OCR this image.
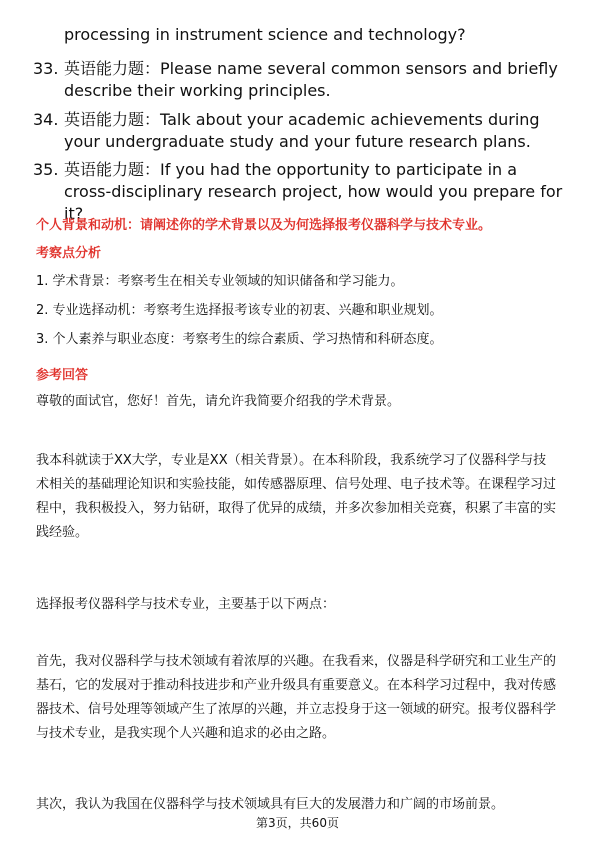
processing in instrument science and technology?
33. 英语能力题：Please name several common sensors and briefly describe their working principles.
34. 英语能力题：Talk about your academic achievements during your undergraduate study and your future research plans.
35. 英语能力题：If you had the opportunity to participate in a cross-disciplinary research project, how would you prepare for it?
个人背景和动机：请阐述你的学术背景以及为何选择报考仪器科学与技术专业。
考察点分析
1. 学术背景：考察考生在相关专业领域的知识储备和学习能力。
2. 专业选择动机：考察考生选择报考该专业的初衷、兴趣和职业规划。
3. 个人素养与职业态度：考察考生的综合素质、学习热情和科研态度。
参考回答
尊敬的面试官，您好！首先，请允许我简要介绍我的学术背景。
我本科就读于XX大学，专业是XX（相关背景）。在本科阶段，我系统学习了仪器科学与技术相关的基础理论知识和实验技能，如传感器原理、信号处理、电子技术等。在课程学习过程中，我积极投入，努力钻研，取得了优异的成绩，并多次参加相关竞赛，积累了丰富的实践经验。
选择报考仪器科学与技术专业，主要基于以下两点：
首先，我对仪器科学与技术领域有着浓厚的兴趣。在我看来，仪器是科学研究和工业生产的基石，它的发展对于推动科技进步和产业升级具有重要意义。在本科学习过程中，我对传感器技术、信号处理等领域产生了浓厚的兴趣，并立志投身于这一领域的研究。报考仪器科学与技术专业，是我实现个人兴趣和追求的必由之路。
其次，我认为我国在仪器科学与技术领域具有巨大的发展潜力和广阔的市场前景。
第3页，共60页
